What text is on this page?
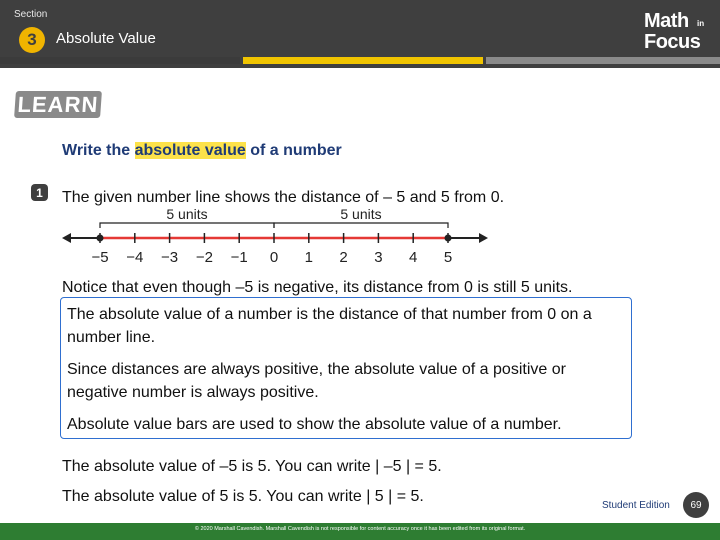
Section
3	Absolute Value
Math in
Focus
LEARN
Write the absolute value of a number
1	The given number line shows the distance of – 5 and 5 from 0.
5 units	5 units
−5 −4 −3 −2 −1 0 1 2 3 4 5
Notice that even though –5 is negative, its distance from 0 is still 5 units.

The absolute value of a number is the distance of that number from 0 on a number line.

Since distances are always positive, the absolute value of a positive or negative number is always positive.

Absolute value bars are used to show the absolute value of a number.

The absolute value of –5 is 5. You can write | –5 | = 5.
The absolute value of 5 is 5. You can write | 5 | = 5.
Student Edition	69
© 2020 Marshall Cavendish. Marshall Cavendish is not responsible for content accuracy once it has been edited from its original format.
